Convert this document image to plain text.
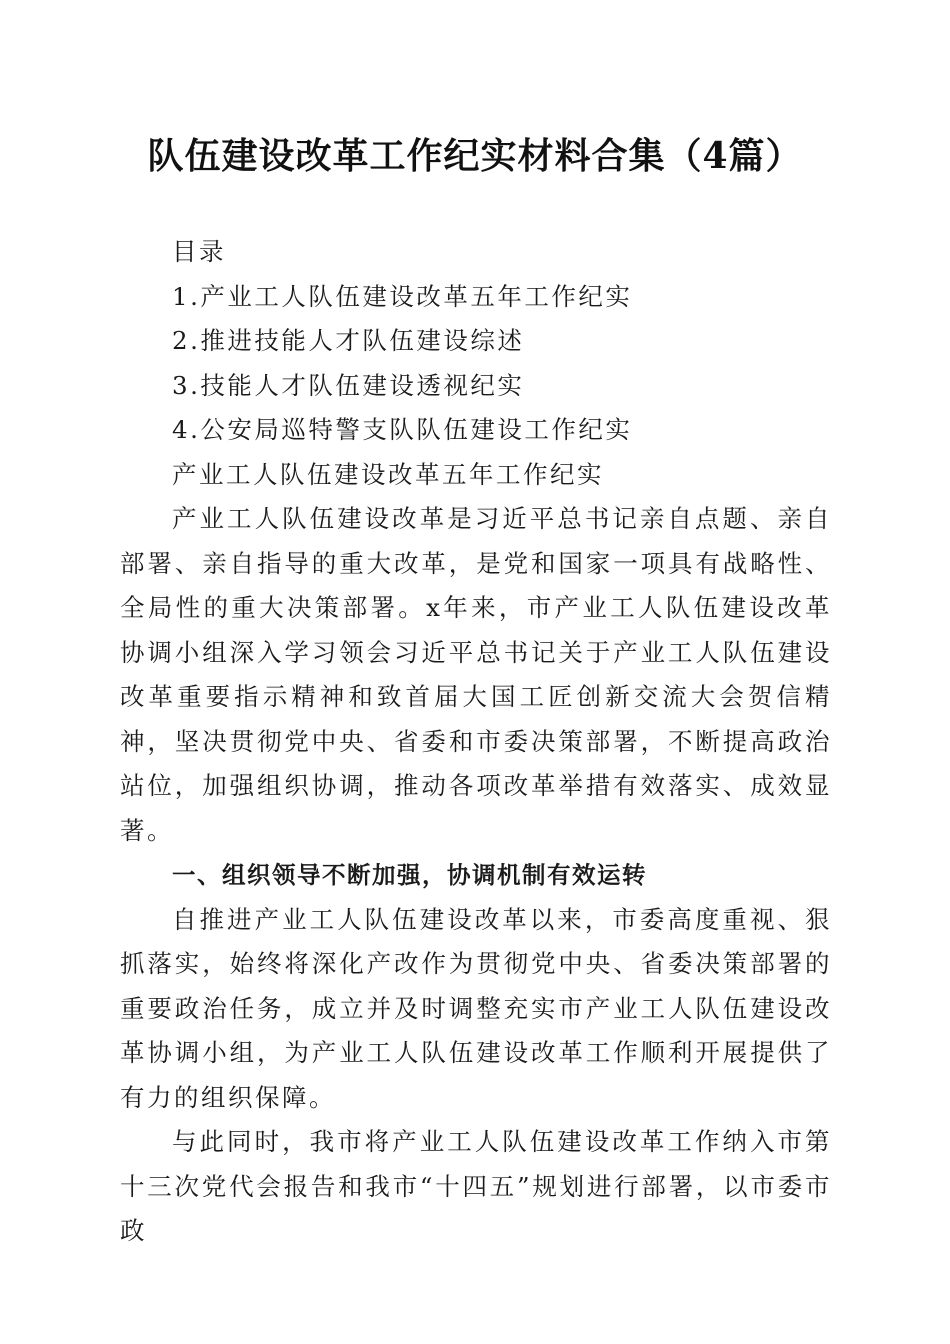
队伍建设改革工作纪实材料合集（4篇）
目录
1.产业工人队伍建设改革五年工作纪实
2.推进技能人才队伍建设综述
3.技能人才队伍建设透视纪实
4.公安局巡特警支队队伍建设工作纪实
产业工人队伍建设改革五年工作纪实
产业工人队伍建设改革是习近平总书记亲自点题、亲自部署、亲自指导的重大改革，是党和国家一项具有战略性、全局性的重大决策部署。x年来，市产业工人队伍建设改革协调小组深入学习领会习近平总书记关于产业工人队伍建设改革重要指示精神和致首届大国工匠创新交流大会贺信精神，坚决贯彻党中央、省委和市委决策部署，不断提高政治站位，加强组织协调，推动各项改革举措有效落实、成效显著。
一、组织领导不断加强，协调机制有效运转
自推进产业工人队伍建设改革以来，市委高度重视、狠抓落实，始终将深化产改作为贯彻党中央、省委决策部署的重要政治任务，成立并及时调整充实市产业工人队伍建设改革协调小组，为产业工人队伍建设改革工作顺利开展提供了有力的组织保障。
与此同时，我市将产业工人队伍建设改革工作纳入市第十三次党代会报告和我市“十四五”规划进行部署，以市委市政
